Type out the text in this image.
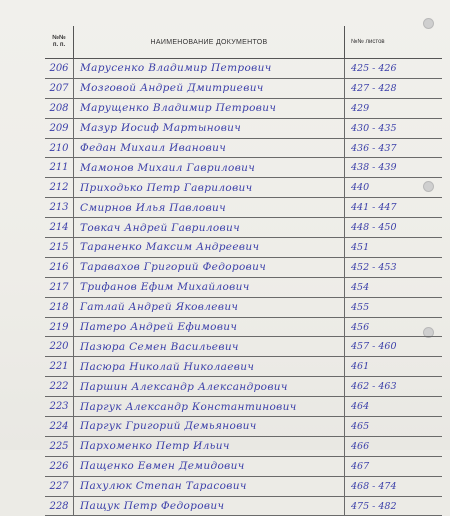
№№
п. п.	НАИМЕНОВАНИЕ ДОКУМЕНТОВ	№№ листов
206	Марусенко Владимир Петрович	425 - 426
207	Мозговой Андрей Дмитриевич	427 - 428
208	Марущенко Владимир Петрович	429
209	Мазур Иосиф Мартынович	430 - 435
210	Федан Михаил Иванович	436 - 437
211	Мамонов Михаил Гаврилович	438 - 439
212	Приходько Петр Гаврилович	440
213	Смирнов Илья Павлович	441 - 447
214	Товкач Андрей Гаврилович	448 - 450
215	Тараненко Максим Андреевич	451
216	Таравахов Григорий Федорович	452 - 453
217	Трифанов Ефим Михайлович	454
218	Гатлай Андрей Яковлевич	455
219	Патеро Андрей Ефимович	456
220	Пазюра Семен Васильевич	457 - 460
221	Пасюра Николай Николаевич	461
222	Паршин Александр Александрович	462 - 463
223	Паргук Александр Константинович	464
224	Паргук Григорий Демьянович	465
225	Пархоменко Петр Ильич	466
226	Пащенко Евмен Демидович	467
227	Пахулюк Степан Тарасович	468 - 474
228	Пащук Петр Федорович	475 - 482
